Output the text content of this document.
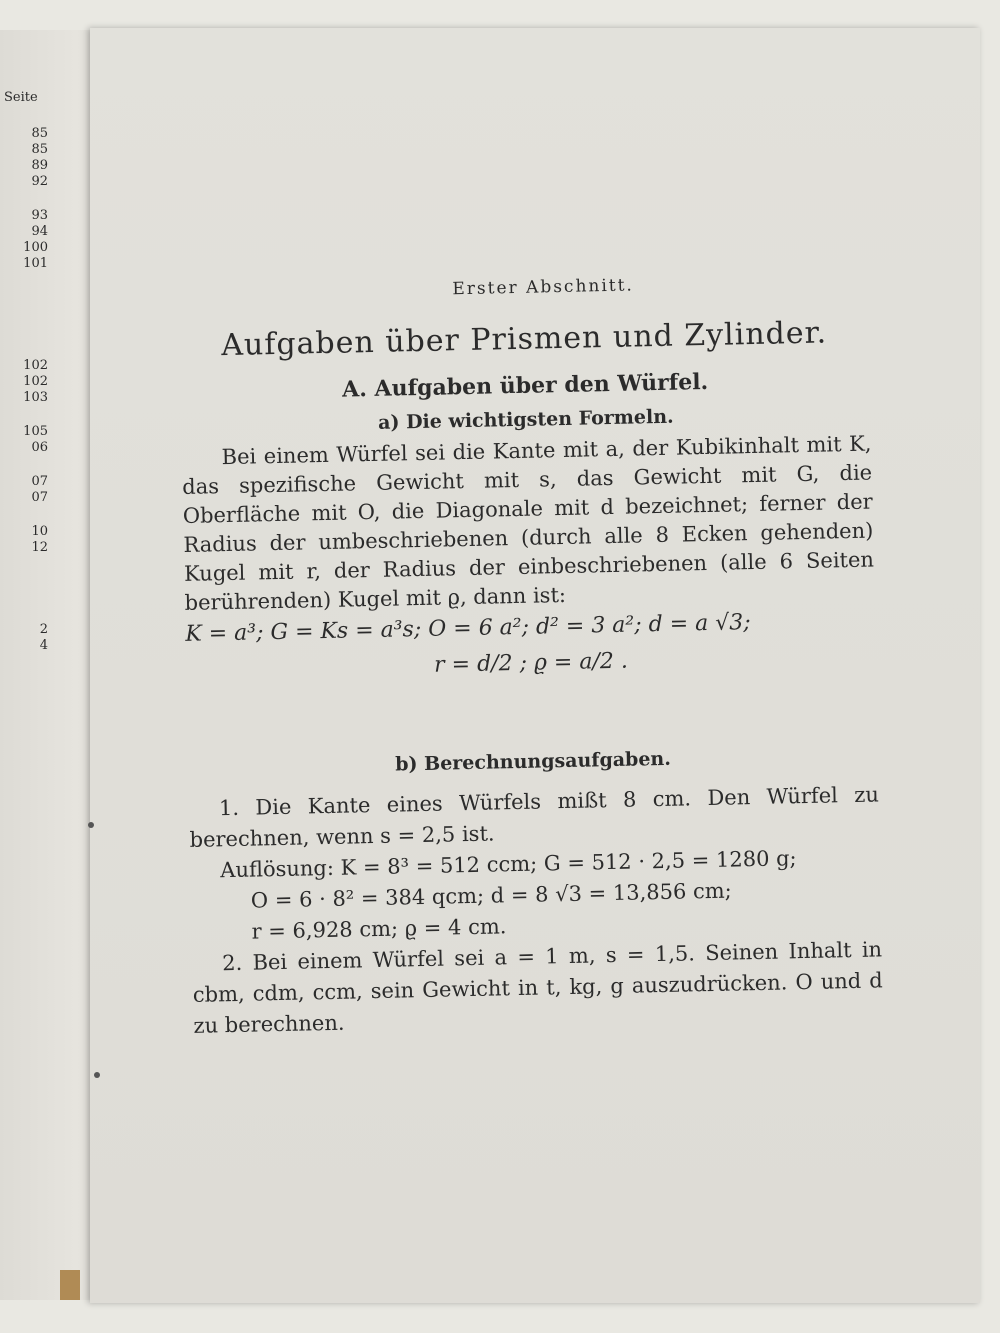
Seite
85
85
89
92
93
94
100
101
102
102
103
105
06
07
07
10
12
2
4
Erster Abschnitt.
Aufgaben über Prismen und Zylinder.
A. Aufgaben über den Würfel.
a) Die wichtigsten Formeln.

Bei einem Würfel sei die Kante mit a, der Kubikinhalt mit K, das spezifische Gewicht mit s, das Gewicht mit G, die Oberfläche mit O, die Diagonale mit d bezeichnet; ferner der Radius der umbeschriebenen (durch alle 8 Ecken gehenden) Kugel mit r, der Radius der einbeschriebenen (alle 6 Seiten berührenden) Kugel mit ϱ, dann ist:

K = a³; G = Ks = a³s; O = 6 a²; d² = 3 a²; d = a √3;
r = d/2 ; ϱ = a/2 .
b) Berechnungsaufgaben.

1. Die Kante eines Würfels mißt 8 cm. Den Würfel zu berechnen, wenn s = 2,5 ist.

Auflösung: K = 8³ = 512 ccm; G = 512 · 2,5 = 1280 g;
O = 6 · 8² = 384 qcm; d = 8 √3 = 13,856 cm;
r = 6,928 cm; ϱ = 4 cm.

2. Bei einem Würfel sei a = 1 m, s = 1,5. Seinen Inhalt in cbm, cdm, ccm, sein Gewicht in t, kg, g auszudrücken. O und d zu berechnen.
